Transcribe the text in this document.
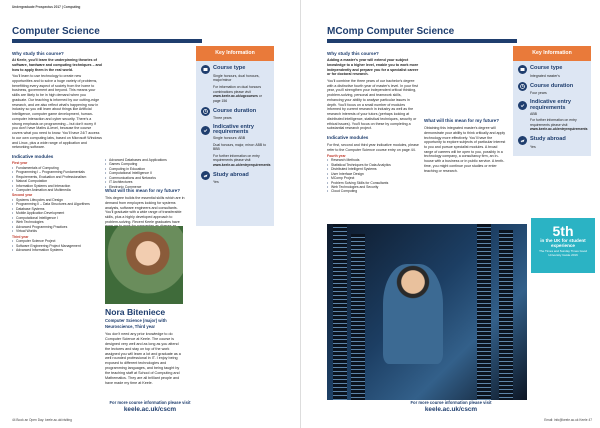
Undergraduate Prospectus 2017 | Computing
Computer Science
Why study this course?
At Keele, you'll learn the underpinning theories of software, hardware and computing techniques – and how to apply them in the real world.
You'll learn to use technology to create new opportunities and to solve a huge variety of problems, benefitting every aspect of society from the home to business, government and beyond. This means your skills are likely to be in high demand when you graduate. Our teaching is informed by our cutting-edge research, and we also reflect what's happening now in industry so you will learn about things like Artificial Intelligence, computer game development, human-computer interaction and cyber security. There's a strong emphasis on programming – but don't worry if you don't have Maths A-level, because the course covers what you need to know. You'll have 24/7 access to our own computing labs, based on Microsoft Windows and Linux, plus a wide range of application and networking software.
Indicative modules
First year
• Fundamentals of Computing
• Programming I – Programming Fundamentals
• Requirements, Evaluation and Professionalism
• Natural Computation
• Information Systems and Interaction
• Computer Animation and Multimedia
Second year
• Systems Lifecycles and Design
• Programming II – Data Structures and Algorithms
• Database Systems
• Mobile Application Development
• Computational Intelligence I
• Web Technologies
• Advanced Programming Practices
• Virtual Worlds
Third year
• Computer Science Project
• Software Engineering Project Management
• Advanced Information Systems
• Advanced Databases and Applications
• Games Computing
• Computing in Education
• Computational Intelligence II
• Communications and Networks
• IT Architectures
• Electronic Commerce
What will this mean for my future?
This degree builds the essential skills which are in demand from employers looking for systems analysts, software engineers and consultants. You'll graduate with a wide range of transferable skills, plus a highly developed approach to problem-solving. Recent Keele graduates have
Nora Biteniece
Computer Science (major) with Neuroscience, Third year
You don't need any prior knowledge to do Computer Science at Keele. The course is designed very well and as long as you attend the lectures and stay on top of the work assigned you will learn a lot and graduate as a well rounded professional in IT. I enjoy being exposed to different technologies and programming languages, and being taught by the teaching staff at School of Computing and Mathematics. They are all brilliant people and have made my time at Keele.
Key Information
Course type
Single honours, dual honours, major/minor
For information on dual honours combinations please visit www.keele.ac.uk/ugcourses or page 156
Course duration
Three years
Indicative entry requirements
Single honours: ABB
Dual honours, major, minor: ABB to BBB
For further information on entry requirements please visit www.keele.ac.uk/entryrequirements
Study abroad
Yes
For more course information please visit
keele.ac.uk/cscm
44 Book an Open Day: keele.ac.uk/visiting
MComp Computer Science
Why study this course?
Adding a master's year will extend your subject knowledge to a higher level, enable you to work more independently and prepare you for a specialist career or for doctoral research.
You'll combine the three years of our bachelor's degree with a distinctive fourth year of master's level. In your first year, you'll strengthen your independent critical thinking, problem-solving, personal and teamwork skills, enhancing your ability to analyse particular issues in depth. You'll focus on a small number of modules informed by current research in industry as well as the research interests of your tutors (perhaps looking at distributed intelligence, statistical techniques, security or ethical issues). You'll focus on these by completing a substantial research project.
Indicative modules
For first, second and third year indicative modules, please refer to the Computer Science course entry on page 44.
Fourth year
• Research Methods
• Statistical Techniques for Data Analytics
• Distributed Intelligent Systems
• User Interface Design
• MComp Project
• Problem Solving Skills for Consultants
• Web Technologies and Security
• Cloud Computing
What will this mean for my future?
Obtaining this integrated master's degree will demonstrate your ability to think critically and apply technology more effectively. You'll have the opportunity to explore subjects of particular interest to you and pursue specialist modules. A broad range of careers will be open to you, possibly in a technology company, a consultancy firm, an in-house with a business or in public service. A tenth-time, you might continue your studies or enter teaching or research.
Key Information
Course type
Integrated master's
Course duration
Four years
Indicative entry requirements
ABB
For further information on entry requirements please visit www.keele.ac.uk/entryrequirements
Study abroad
Yes
5th
in the UK for student experience
The Times and Sunday Times Good University Guide 2016
For more course information please visit
keele.ac.uk/cscm
Email: info@keele.ac.uk Keele 47
